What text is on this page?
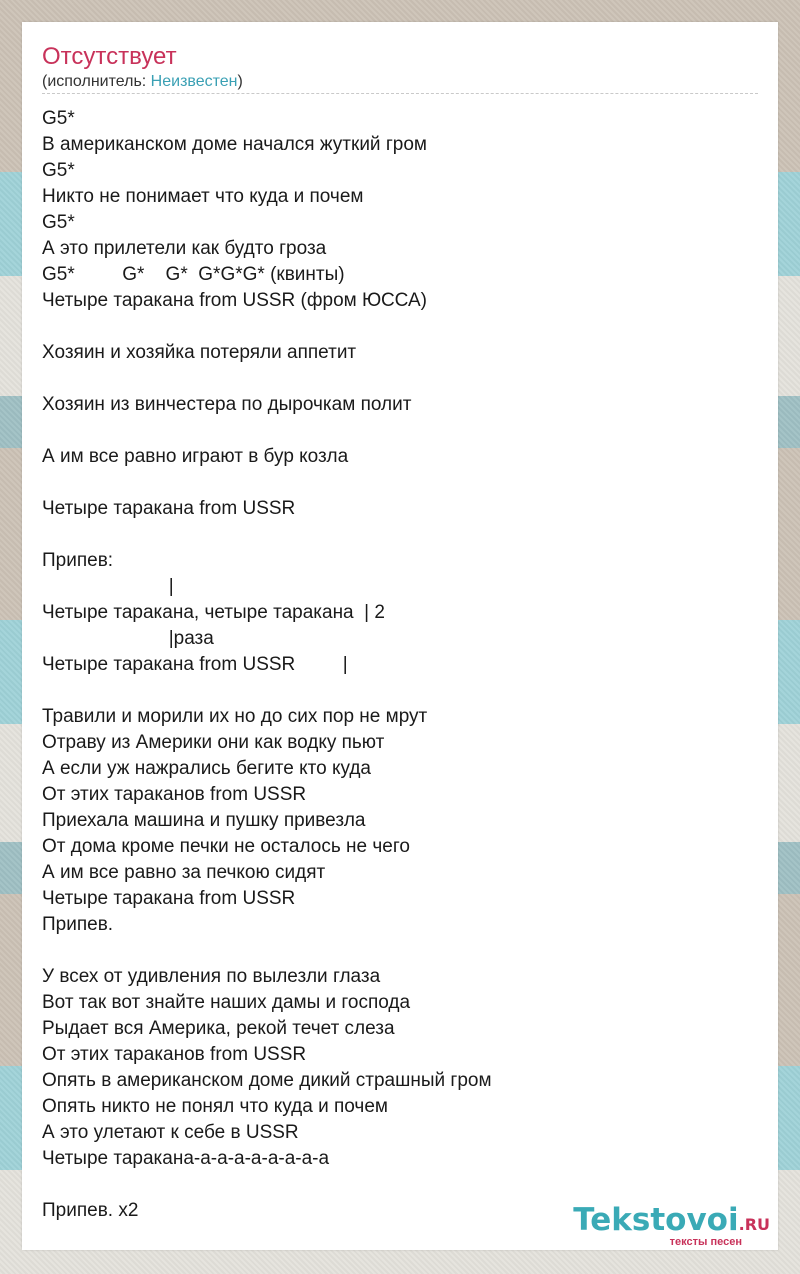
Отсутствует
(исполнитель: Неизвестен)
G5*
В американском доме начался жуткий гром
G5*
Никто не понимает что куда и почем
G5*
А это прилетели как будто гроза
G5*         G*    G*  G*G*G* (квинты)
Четыре таракана from USSR (фром ЮССА)

Хозяин и хозяйка потеряли аппетит

Хозяин из винчестера по дырочкам полит

А им все равно играют в бур козла

Четыре таракана from USSR

Припев:
|
Четыре таракана, четыре таракана  | 2
|раза
Четыре таракана from USSR         |

Травили и морили их но до сих пор не мрут
Отраву из Америки они как водку пьют
А если уж нажрались бегите кто куда
От этих тараканов from USSR
Приехала машина и пушку привезла
От дома кроме печки не осталось не чего
А им все равно за печкою сидят
Четыре таракана from USSR
Припев.

У всех от удивления по вылезли глаза
Вот так вот знайте наших дамы и господа
Рыдает вся Америка, рекой течет слеза
От этих тараканов from USSR
Опять в американском доме дикий страшный гром
Опять никто не понял что куда и почем
А это улетают к себе в USSR
Четыре таракана-а-а-а-а-а-а-а-а

Припев. x2	Tekstovoi.RU
тексты песен
